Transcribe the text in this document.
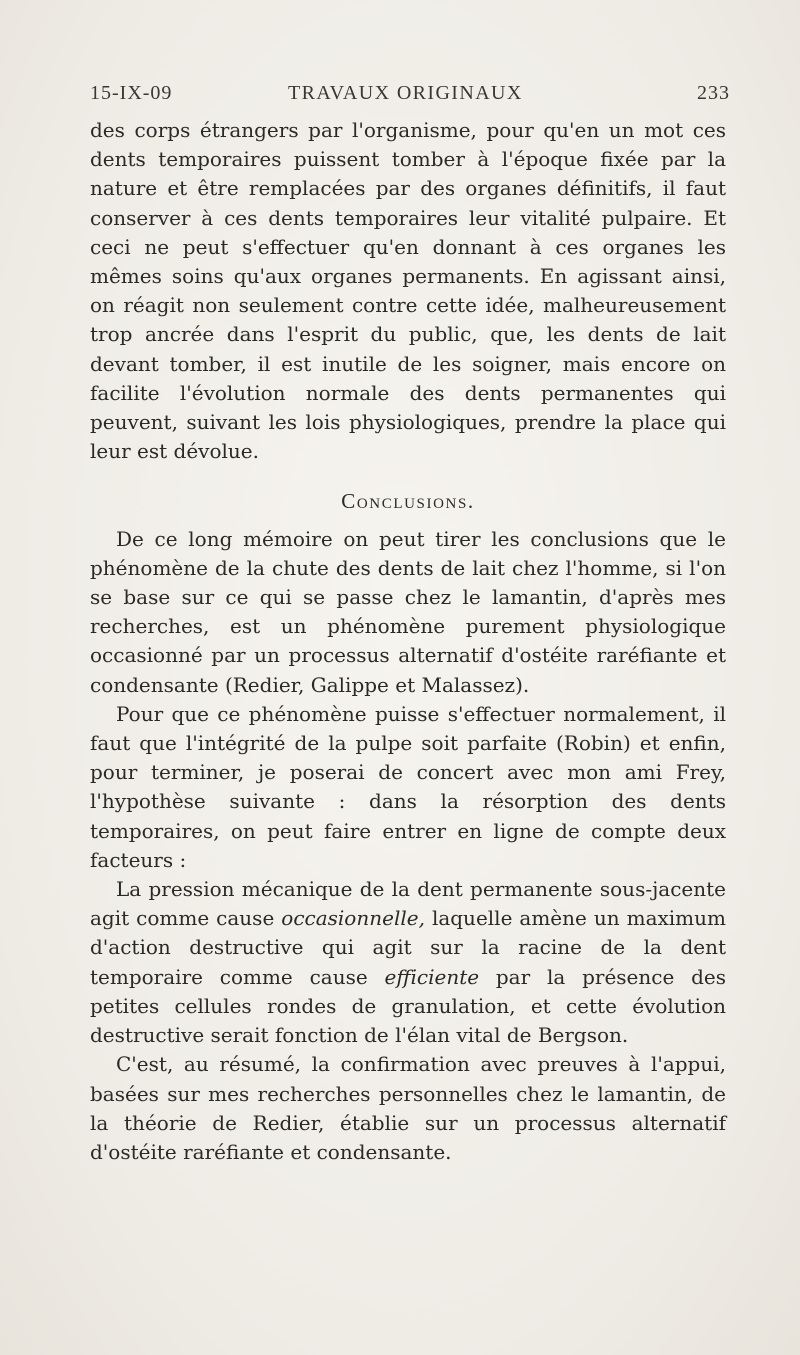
15-IX-09	TRAVAUX ORIGINAUX	233

des corps étrangers par l'organisme, pour qu'en un mot ces dents temporaires puissent tomber à l'époque fixée par la nature et être remplacées par des organes définitifs, il faut conserver à ces dents temporaires leur vitalité pulpaire. Et ceci ne peut s'effectuer qu'en donnant à ces organes les mêmes soins qu'aux organes permanents. En agissant ainsi, on réagit non seulement contre cette idée, malheureusement trop ancrée dans l'esprit du public, que, les dents de lait devant tomber, il est inutile de les soigner, mais encore on facilite l'évolution normale des dents permanentes qui peuvent, suivant les lois physiologiques, prendre la place qui leur est dévolue.

Conclusions.

De ce long mémoire on peut tirer les conclusions que le phénomène de la chute des dents de lait chez l'homme, si l'on se base sur ce qui se passe chez le lamantin, d'après mes recherches, est un phénomène purement physiologique occasionné par un processus alternatif d'ostéite raréfiante et condensante (Redier, Galippe et Malassez).

Pour que ce phénomène puisse s'effectuer normalement, il faut que l'intégrité de la pulpe soit parfaite (Robin) et enfin, pour terminer, je poserai de concert avec mon ami Frey, l'hypothèse suivante : dans la résorption des dents temporaires, on peut faire entrer en ligne de compte deux facteurs :

La pression mécanique de la dent permanente sous-jacente agit comme cause occasionnelle, laquelle amène un maximum d'action destructive qui agit sur la racine de la dent temporaire comme cause efficiente par la présence des petites cellules rondes de granulation, et cette évolution destructive serait fonction de l'élan vital de Bergson.

C'est, au résumé, la confirmation avec preuves à l'appui, basées sur mes recherches personnelles chez le lamantin, de la théorie de Redier, établie sur un processus alternatif d'ostéite raréfiante et condensante.
